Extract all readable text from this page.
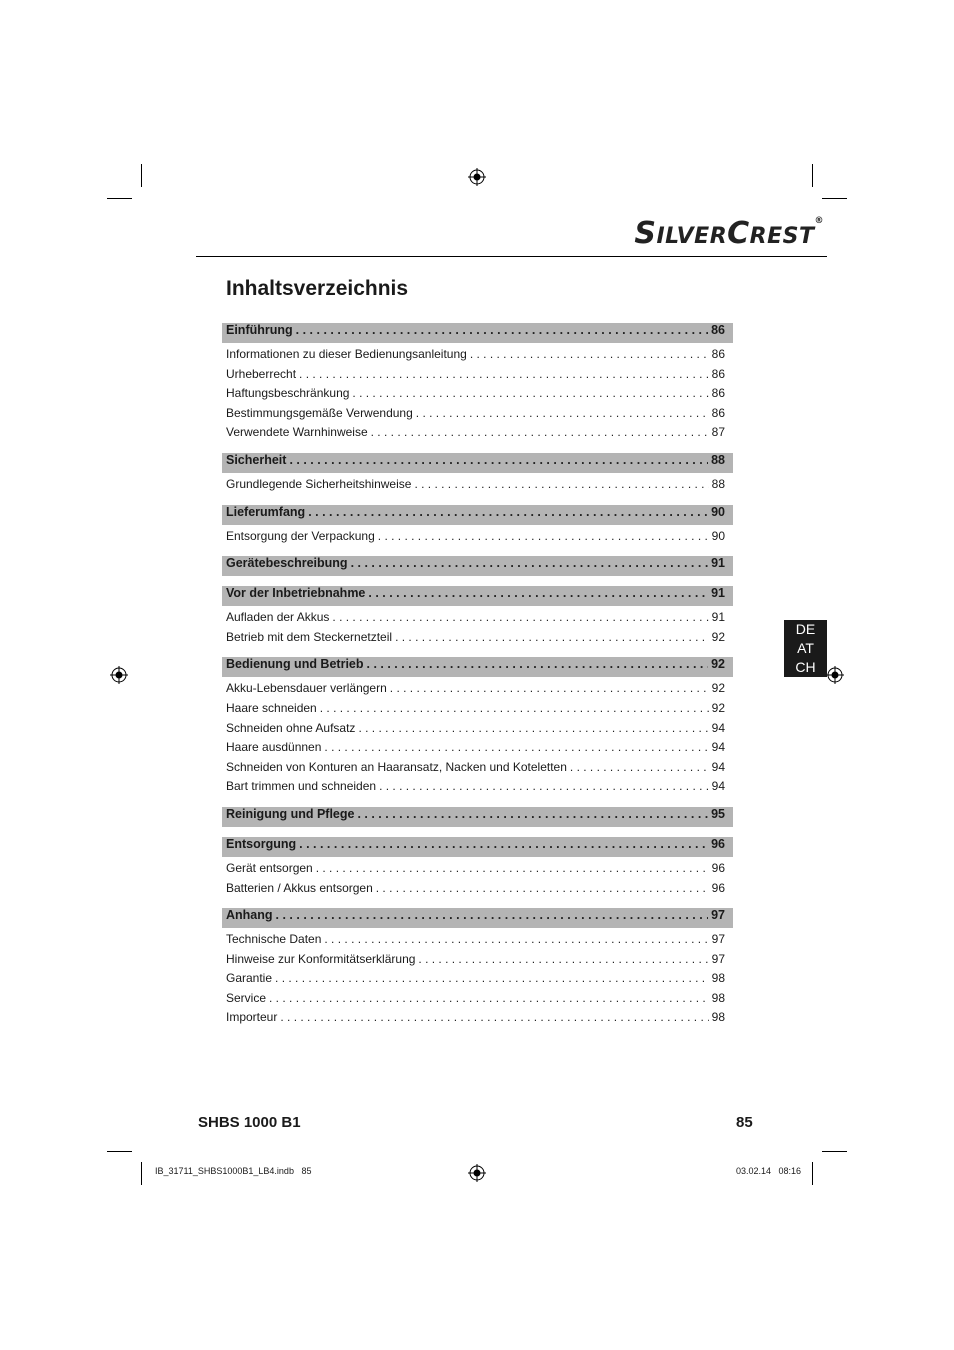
SILVERCREST®
Inhaltsverzeichnis
Einführung . . .	86
Informationen zu dieser Bedienungsanleitung . . .	86
Urheberrecht . . .	86
Haftungsbeschränkung . . .	86
Bestimmungsgemäße Verwendung . . .	86
Verwendete Warnhinweise . . .	87
Sicherheit . . .	88
Grundlegende Sicherheitshinweise . . .	88
Lieferumfang . . .	90
Entsorgung der Verpackung . . .	90
Gerätebeschreibung . . .	91
Vor der Inbetriebnahme . . .	91
Aufladen der Akkus . . .	91
Betrieb mit dem Steckernetzteil . . .	92
Bedienung und Betrieb . . .	92
Akku-Lebensdauer verlängern . . .	92
Haare schneiden . . .	92
Schneiden ohne Aufsatz . . .	94
Haare ausdünnen . . .	94
Schneiden von Konturen an Haaransatz, Nacken und Koteletten . . .	94
Bart trimmen und schneiden . . .	94
Reinigung und Pflege . . .	95
Entsorgung . . .	96
Gerät entsorgen . . .	96
Batterien / Akkus entsorgen . . .	96
Anhang . . .	97
Technische Daten . . .	97
Hinweise zur Konformitätserklärung . . .	97
Garantie . . .	98
Service . . .	98
Importeur . . .	98
DE
AT
CH
SHBS 1000 B1	85
IB_31711_SHBS1000B1_LB4.indb   85	03.02.14   08:16
